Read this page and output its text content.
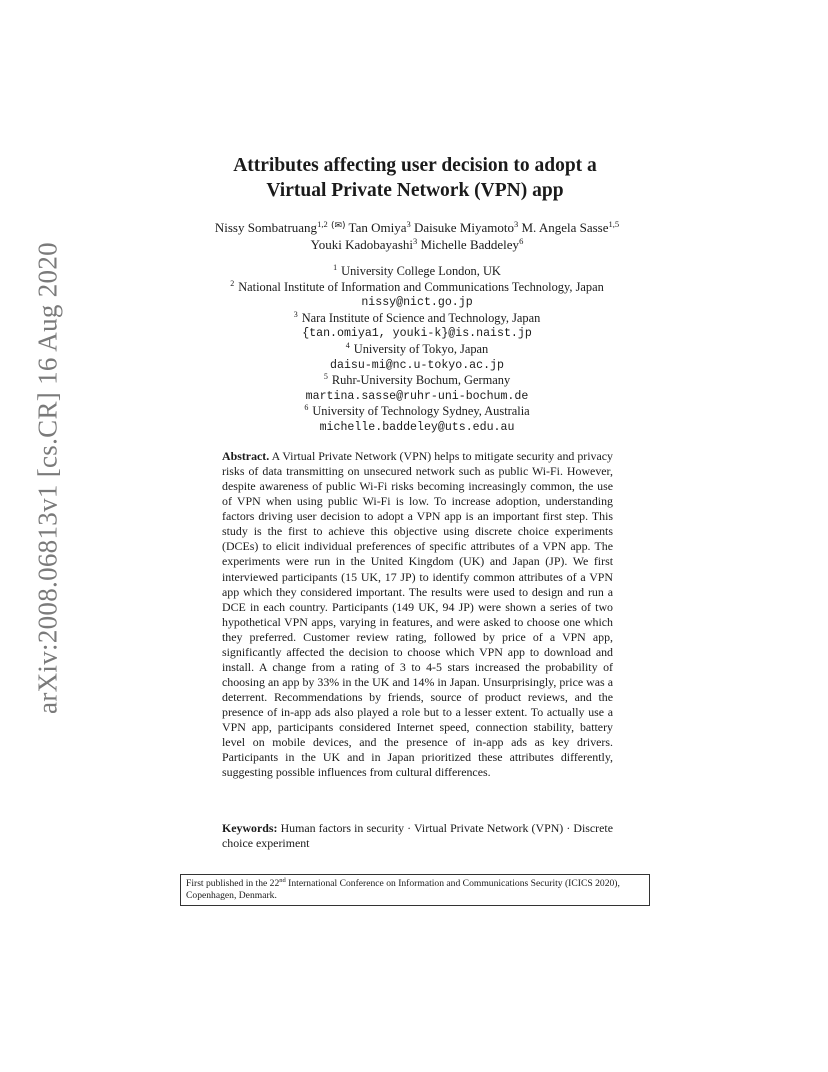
arXiv:2008.06813v1 [cs.CR] 16 Aug 2020
Attributes affecting user decision to adopt a
Virtual Private Network (VPN) app
Nissy Sombatruang$^{1,2}$ (✉) Tan Omiya$^3$ Daisuke Miyamoto$^3$ M. Angela Sasse$^{1,5}$
Youki Kadobayashi$^3$ Michelle Baddeley$^6$
$^1$ University College London, UK
$^2$ National Institute of Information and Communications Technology, Japan
nissy@nict.go.jp
$^3$ Nara Institute of Science and Technology, Japan
{tan.omiya1, youki-k}@is.naist.jp
$^4$ University of Tokyo, Japan
daisu-mi@nc.u-tokyo.ac.jp
$^5$ Ruhr-University Bochum, Germany
martina.sasse@ruhr-uni-bochum.de
$^6$ University of Technology Sydney, Australia
michelle.baddeley@uts.edu.au
Abstract. A Virtual Private Network (VPN) helps to mitigate security and privacy risks of data transmitting on unsecured network such as public Wi-Fi. However, despite awareness of public Wi-Fi risks becoming increasingly common, the use of VPN when using public Wi-Fi is low. To increase adoption, understanding factors driving user decision to adopt a VPN app is an important first step. This study is the first to achieve this objective using discrete choice experiments (DCEs) to elicit individual preferences of specific attributes of a VPN app. The experiments were run in the United Kingdom (UK) and Japan (JP). We first interviewed participants (15 UK, 17 JP) to identify common attributes of a VPN app which they considered important. The results were used to design and run a DCE in each country. Participants (149 UK, 94 JP) were shown a series of two hypothetical VPN apps, varying in features, and were asked to choose one which they preferred. Customer review rating, followed by price of a VPN app, significantly affected the decision to choose which VPN app to download and install. A change from a rating of 3 to 4-5 stars increased the probability of choosing an app by 33% in the UK and 14% in Japan. Unsurprisingly, price was a deterrent. Recommendations by friends, source of product reviews, and the presence of in-app ads also played a role but to a lesser extent. To actually use a VPN app, participants considered Internet speed, connection stability, battery level on mobile devices, and the presence of in-app ads as key drivers. Participants in the UK and in Japan prioritized these attributes differently, suggesting possible influences from cultural differences.
Keywords: Human factors in security · Virtual Private Network (VPN) · Discrete choice experiment
First published in the 22nd International Conference on Information and Communications Security (ICICS 2020), Copenhagen, Denmark.
